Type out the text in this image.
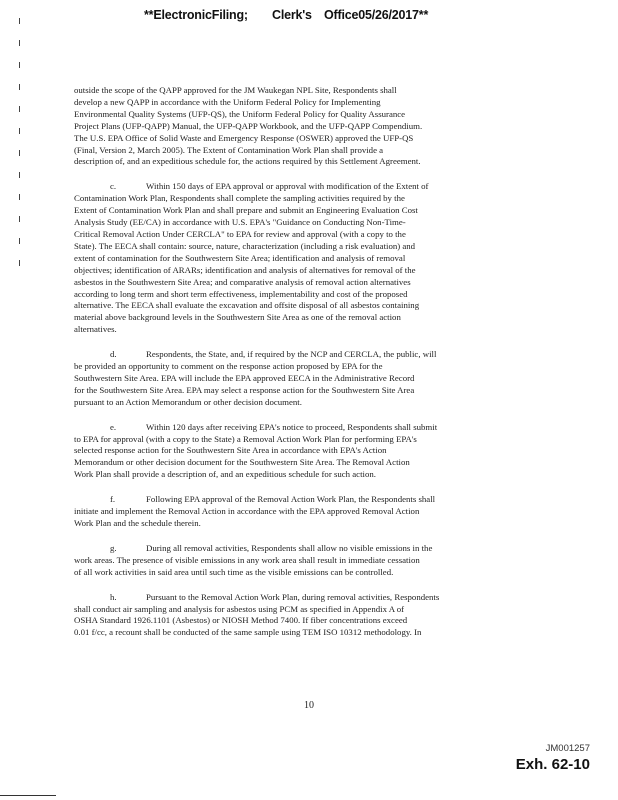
**ElectronicFiling; Clerk's Office05/26/2017**
outside the scope of the QAPP approved for the JM Waukegan NPL Site, Respondents shall
develop a new QAPP in accordance with the Uniform Federal Policy for Implementing
Environmental Quality Systems (UFP-QS), the Uniform Federal Policy for Quality Assurance
Project Plans (UFP-QAPP) Manual, the UFP-QAPP Workbook, and the UFP-QAPP Compendium.
The U.S. EPA Office of Solid Waste and Emergency Response (OSWER) approved the UFP-QS
(Final, Version 2, March 2005). The Extent of Contamination Work Plan shall provide a
description of, and an expeditious schedule for, the actions required by this Settlement Agreement.
c.	Within 150 days of EPA approval or approval with modification of the Extent of
Contamination Work Plan, Respondents shall complete the sampling activities required by the
Extent of Contamination Work Plan and shall prepare and submit an Engineering Evaluation Cost
Analysis Study (EE/CA) in accordance with U.S. EPA's "Guidance on Conducting Non-Time-
Critical Removal Action Under CERCLA" to EPA for review and approval (with a copy to the
State). The EECA shall contain: source, nature, characterization (including a risk evaluation) and
extent of contamination for the Southwestern Site Area; identification and analysis of removal
objectives; identification of ARARs; identification and analysis of alternatives for removal of the
asbestos in the Southwestern Site Area; and comparative analysis of removal action alternatives
according to long term and short term effectiveness, implementability and cost of the proposed
alternative. The EECA shall evaluate the excavation and offsite disposal of all asbestos containing
material above background levels in the Southwestern Site Area as one of the removal action
alternatives.
d.	Respondents, the State, and, if required by the NCP and CERCLA, the public, will
be provided an opportunity to comment on the response action proposed by EPA for the
Southwestern Site Area. EPA will include the EPA approved EECA in the Administrative Record
for the Southwestern Site Area. EPA may select a response action for the Southwestern Site Area
pursuant to an Action Memorandum or other decision document.
e.	Within 120 days after receiving EPA's notice to proceed, Respondents shall submit
to EPA for approval (with a copy to the State) a Removal Action Work Plan for performing EPA's
selected response action for the Southwestern Site Area in accordance with EPA's Action
Memorandum or other decision document for the Southwestern Site Area. The Removal Action
Work Plan shall provide a description of, and an expeditious schedule for such action.
f.	Following EPA approval of the Removal Action Work Plan, the Respondents shall
initiate and implement the Removal Action in accordance with the EPA approved Removal Action
Work Plan and the schedule therein.
g.	During all removal activities, Respondents shall allow no visible emissions in the
work areas. The presence of visible emissions in any work area shall result in immediate cessation
of all work activities in said area until such time as the visible emissions can be controlled.
h.	Pursuant to the Removal Action Work Plan, during removal activities, Respondents
shall conduct air sampling and analysis for asbestos using PCM as specified in Appendix A of
OSHA Standard 1926.1101 (Asbestos) or NIOSH Method 7400. If fiber concentrations exceed
0.01 f/cc, a recount shall be conducted of the same sample using TEM ISO 10312 methodology. In
10
JM001257
Exh. 62-10
